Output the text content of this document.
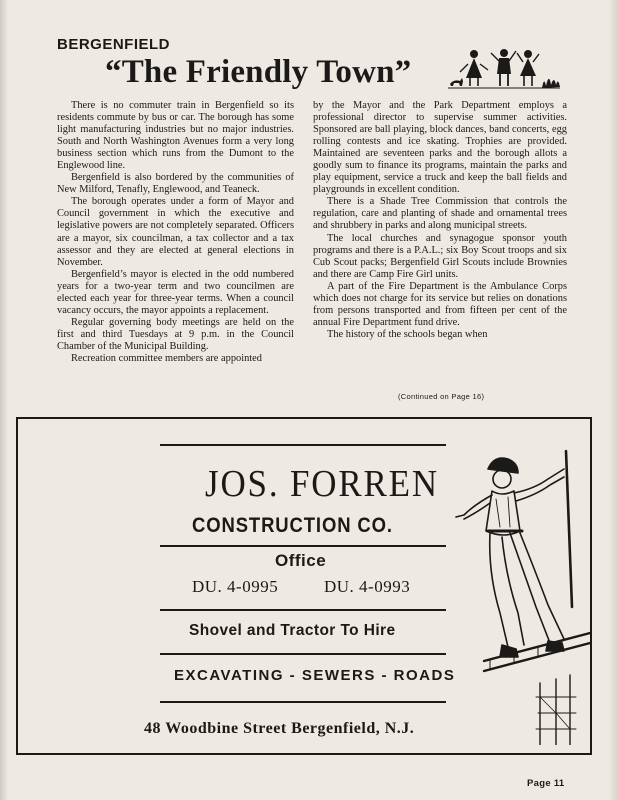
BERGENFIELD
“The Friendly Town”

There is no commuter train in Bergenfield so its residents commute by bus or car. The borough has some light manufacturing industries but no major industries. South and North Washington Avenues form a very long business section which runs from the Dumont to the Englewood line.

Bergenfield is also bordered by the communities of New Milford, Tenafly, Englewood, and Teaneck.

The borough operates under a form of Mayor and Council government in which the executive and legislative powers are not completely separated. Officers are a mayor, six councilman, a tax collector and a tax assessor and they are elected at general elections in November.

Bergenfield’s mayor is elected in the odd numbered years for a two-year term and two councilmen are elected each year for three-year terms. When a council vacancy occurs, the mayor appoints a replacement.

Regular governing body meetings are held on the first and third Tuesdays at 9 p.m. in the Council Chamber of the Municipal Building.

Recreation committee members are appointed

by the Mayor and the Park Department employs a professional director to supervise summer activities. Sponsored are ball playing, block dances, band concerts, egg rolling contests and ice skating. Trophies are provided. Maintained are seventeen parks and the borough allots a goodly sum to finance its programs, maintain the parks and play equipment, service a truck and keep the ball fields and playgrounds in excellent condition.

There is a Shade Tree Commission that controls the regulation, care and planting of shade and ornamental trees and shrubbery in parks and along municipal streets.

The local churches and synagogue sponsor youth programs and there is a P.A.L.; six Boy Scout troops and six Cub Scout packs; Bergenfield Girl Scouts include Brownies and there are Camp Fire Girl units.

A part of the Fire Department is the Ambulance Corps which does not charge for its service but relies on donations from persons transported and from fifteen per cent of the annual Fire Department fund drive.

The history of the schools began when

(Continued on Page 16)
JOS. FORREN
CONSTRUCTION CO.
Office
DU. 4-0995	DU. 4-0993
Shovel and Tractor To Hire
EXCAVATING - SEWERS - ROADS
48 Woodbine Street Bergenfield, N.J.
Page 11
